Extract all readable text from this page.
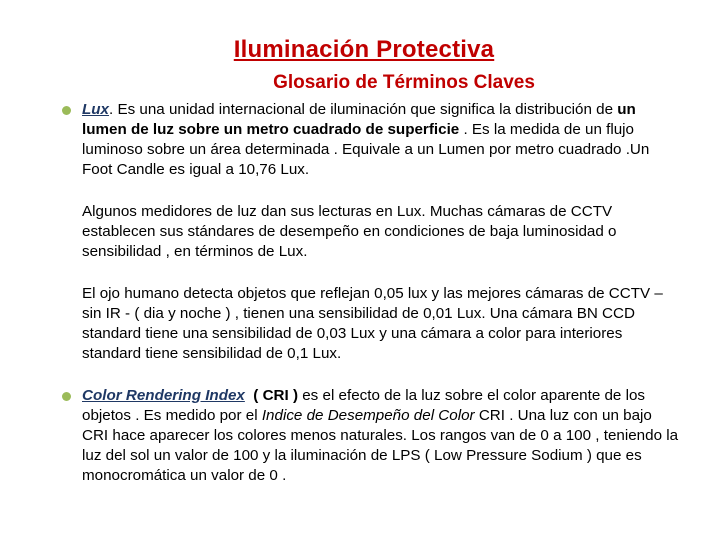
Iluminación Protectiva
Glosario de Términos Claves

Lux. Es una unidad internacional de iluminación que significa la distribución de un lumen de luz sobre un metro cuadrado de superficie . Es la medida de un flujo luminoso sobre un área determinada . Equivale a un Lumen por metro cuadrado .Un Foot Candle es igual a 10,76 Lux.

Algunos medidores de luz dan sus lecturas en Lux. Muchas cámaras de CCTV establecen sus stándares de desempeño en condiciones de baja luminosidad o sensibilidad , en términos de Lux.

El ojo humano detecta objetos que reflejan 0,05 lux y las mejores cámaras de CCTV – sin IR - ( dia y noche ) , tienen una sensibilidad de 0,01 Lux. Una cámara BN CCD standard tiene una sensibilidad de 0,03 Lux y una cámara a color para interiores standard tiene sensibilidad de 0,1 Lux.

Color Rendering Index  ( CRI ) es el efecto de la luz sobre el color aparente de los objetos . Es medido por el Indice de Desempeño del Color CRI . Una luz con un bajo CRI hace aparecer los colores menos naturales. Los rangos van de 0 a 100 , teniendo la luz del sol un valor de 100 y la iluminación de LPS ( Low Pressure Sodium ) que es monocromática un valor de 0 .
